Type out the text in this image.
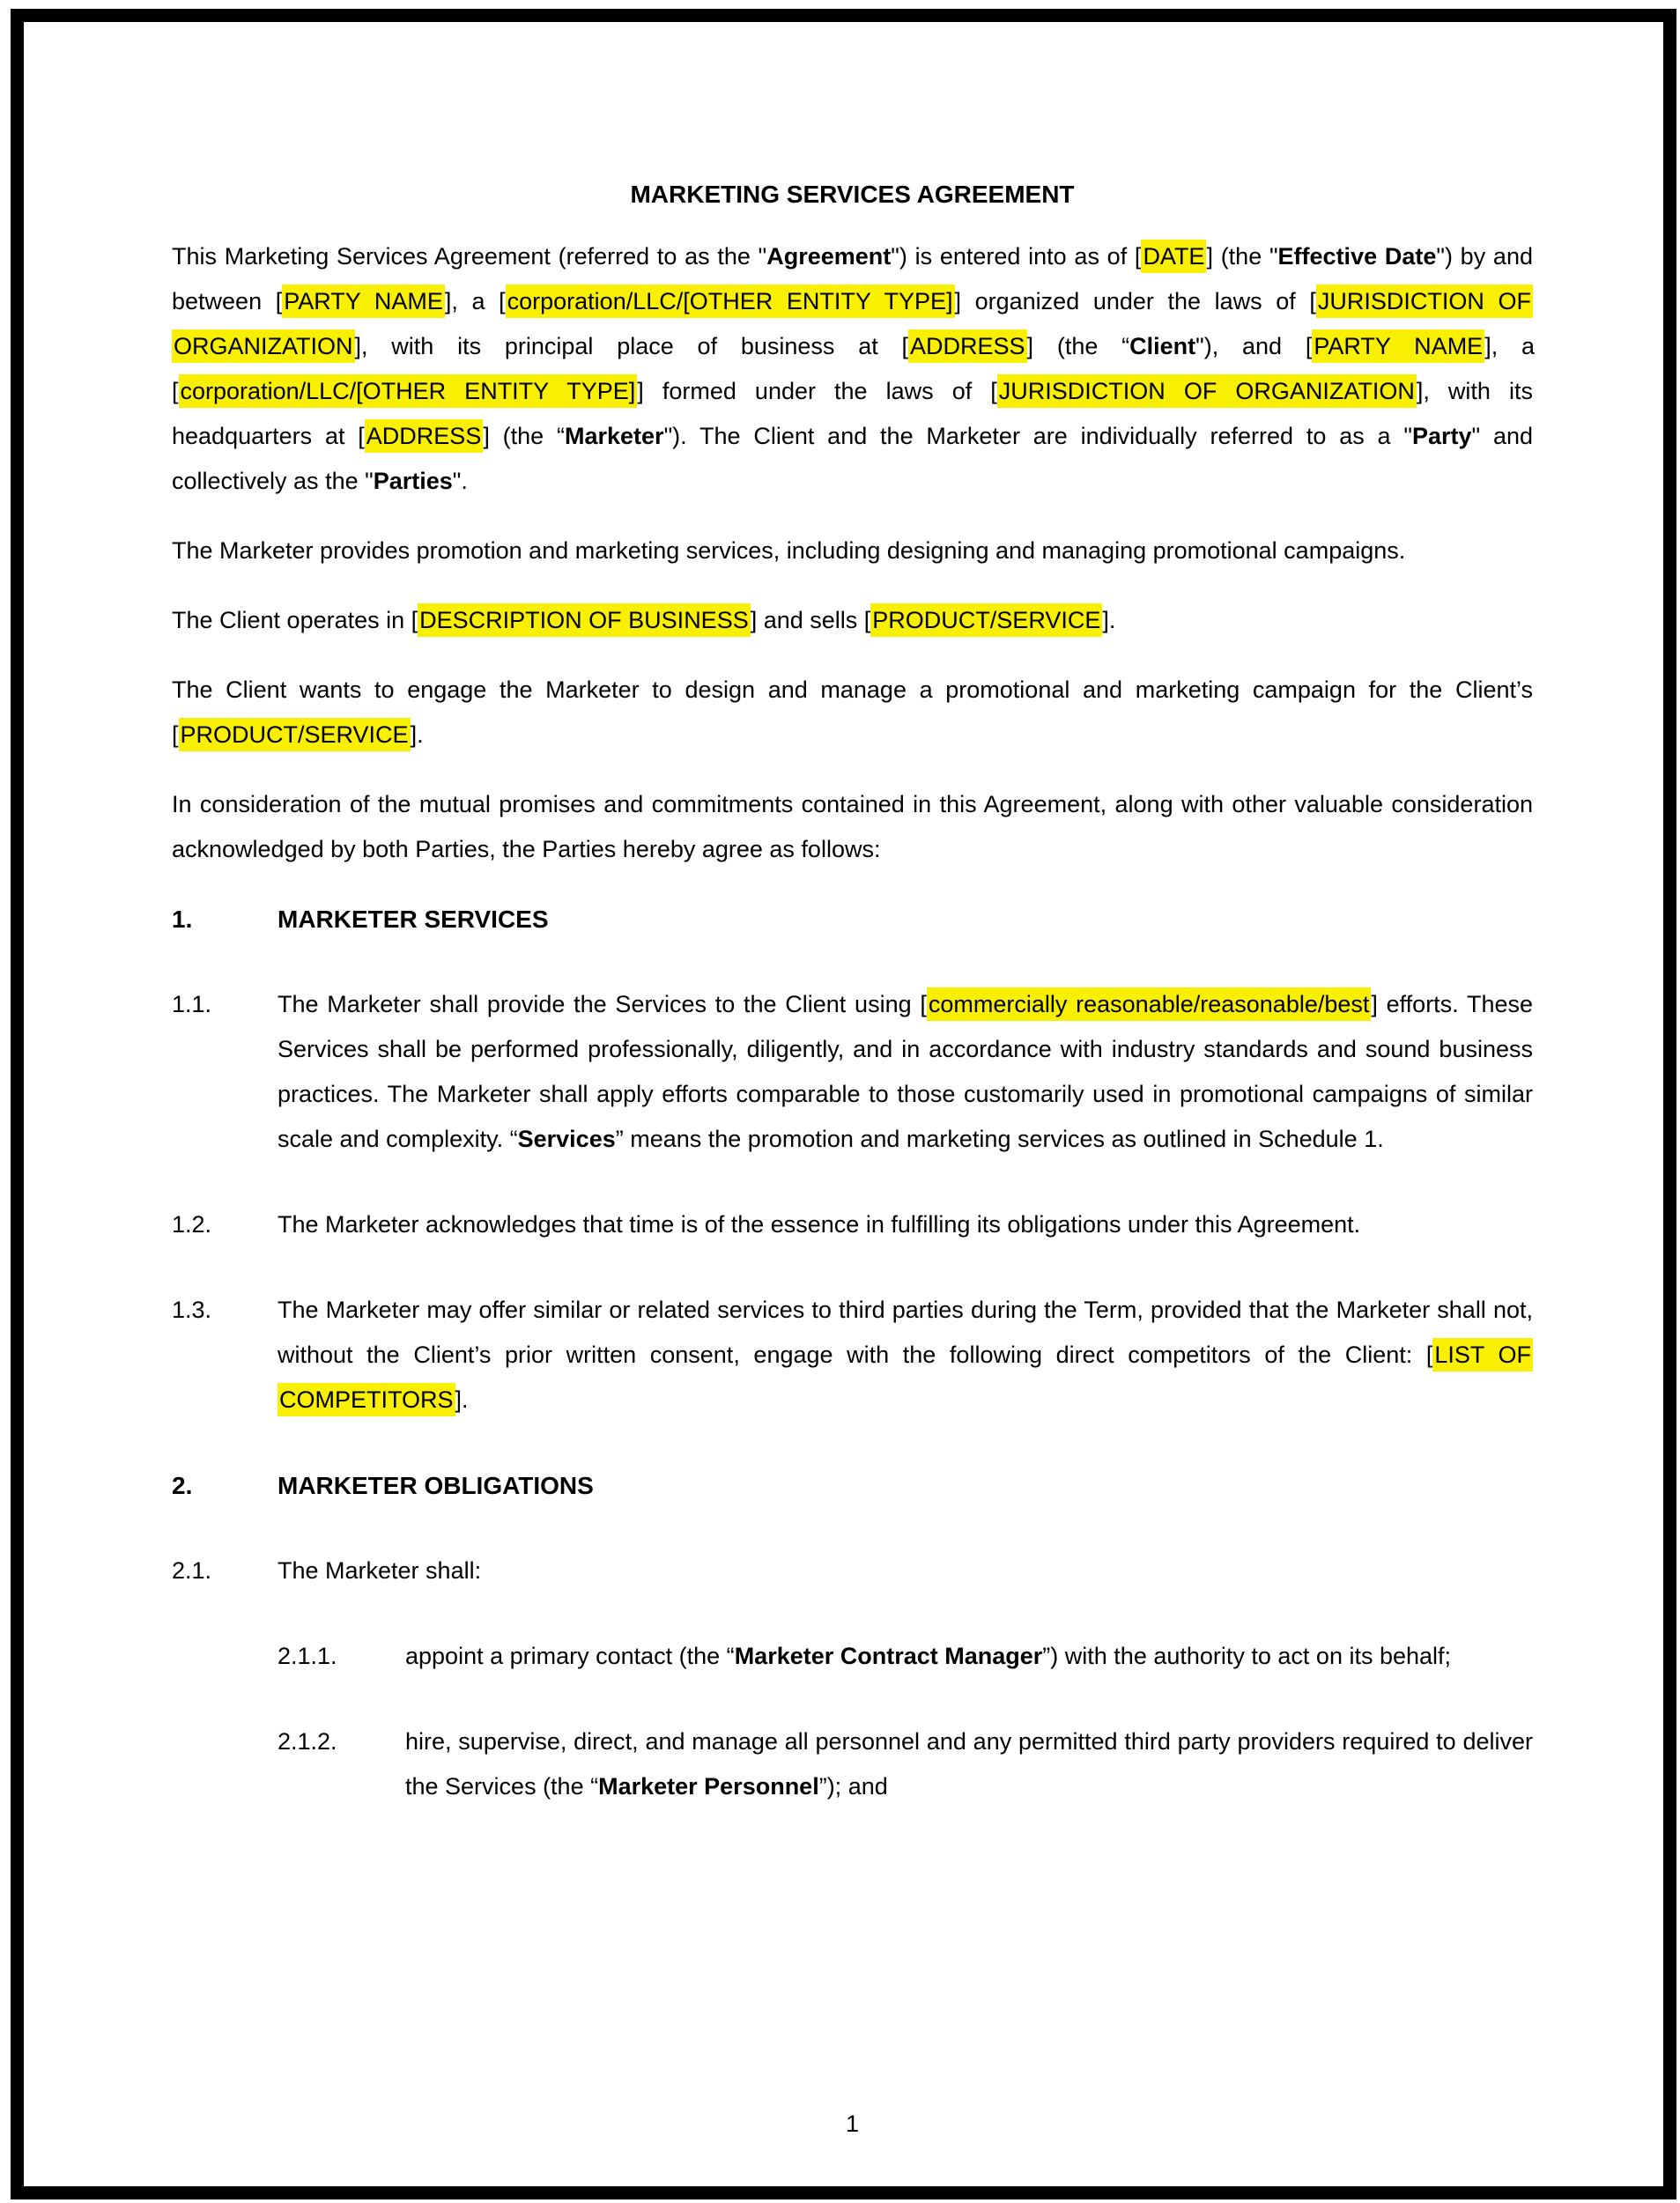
MARKETING SERVICES AGREEMENT
This Marketing Services Agreement (referred to as the "Agreement") is entered into as of [DATE] (the "Effective Date") by and between [PARTY NAME], a [corporation/LLC/[OTHER ENTITY TYPE]] organized under the laws of [JURISDICTION OF ORGANIZATION], with its principal place of business at [ADDRESS] (the “Client"), and [PARTY NAME], a [corporation/LLC/[OTHER ENTITY TYPE]] formed under the laws of [JURISDICTION OF ORGANIZATION], with its headquarters at [ADDRESS] (the “Marketer"). The Client and the Marketer are individually referred to as a "Party" and collectively as the "Parties".
The Marketer provides promotion and marketing services, including designing and managing promotional campaigns.
The Client operates in [DESCRIPTION OF BUSINESS] and sells [PRODUCT/SERVICE].
The Client wants to engage the Marketer to design and manage a promotional and marketing campaign for the Client’s [PRODUCT/SERVICE].
In consideration of the mutual promises and commitments contained in this Agreement, along with other valuable consideration acknowledged by both Parties, the Parties hereby agree as follows:
1.	MARKETER SERVICES
1.1.	The Marketer shall provide the Services to the Client using [commercially reasonable/reasonable/best] efforts. These Services shall be performed professionally, diligently, and in accordance with industry standards and sound business practices. The Marketer shall apply efforts comparable to those customarily used in promotional campaigns of similar scale and complexity. “Services” means the promotion and marketing services as outlined in Schedule 1.
1.2.	The Marketer acknowledges that time is of the essence in fulfilling its obligations under this Agreement.
1.3.	The Marketer may offer similar or related services to third parties during the Term, provided that the Marketer shall not, without the Client’s prior written consent, engage with the following direct competitors of the Client: [LIST OF COMPETITORS].
2.	MARKETER OBLIGATIONS
2.1.	The Marketer shall:
2.1.1.	appoint a primary contact (the “Marketer Contract Manager”) with the authority to act on its behalf;
2.1.2.	hire, supervise, direct, and manage all personnel and any permitted third party providers required to deliver the Services (the “Marketer Personnel”); and
1
